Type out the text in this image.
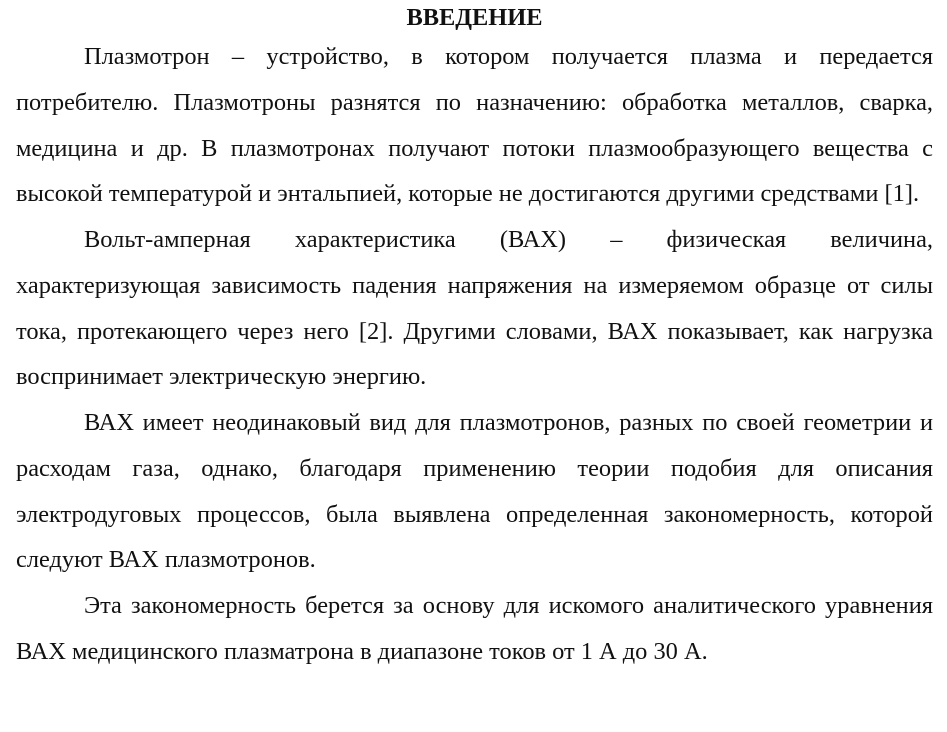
ВВЕДЕНИЕ

Плазмотрон – устройство, в котором получается плазма и передается потребителю. Плазмотроны разнятся по назначению: обработка металлов, сварка, медицина и др. В плазмотронах получают потоки плазмообразующего вещества с высокой температурой и энтальпией, которые не достигаются другими средствами [1].

Вольт-амперная характеристика (ВАХ) – физическая величина, характеризующая зависимость падения напряжения на измеряемом образце от силы тока, протекающего через него [2]. Другими словами, ВАХ показывает, как нагрузка воспринимает электрическую энергию.

ВАХ имеет неодинаковый вид для плазмотронов, разных по своей геометрии и расходам газа, однако, благодаря применению теории подобия для описания электродуговых процессов, была выявлена определенная закономерность, которой следуют ВАХ плазмотронов.

Эта закономерность берется за основу для искомого аналитического уравнения ВАХ медицинского плазматрона в диапазоне токов от 1 А до 30 А.
